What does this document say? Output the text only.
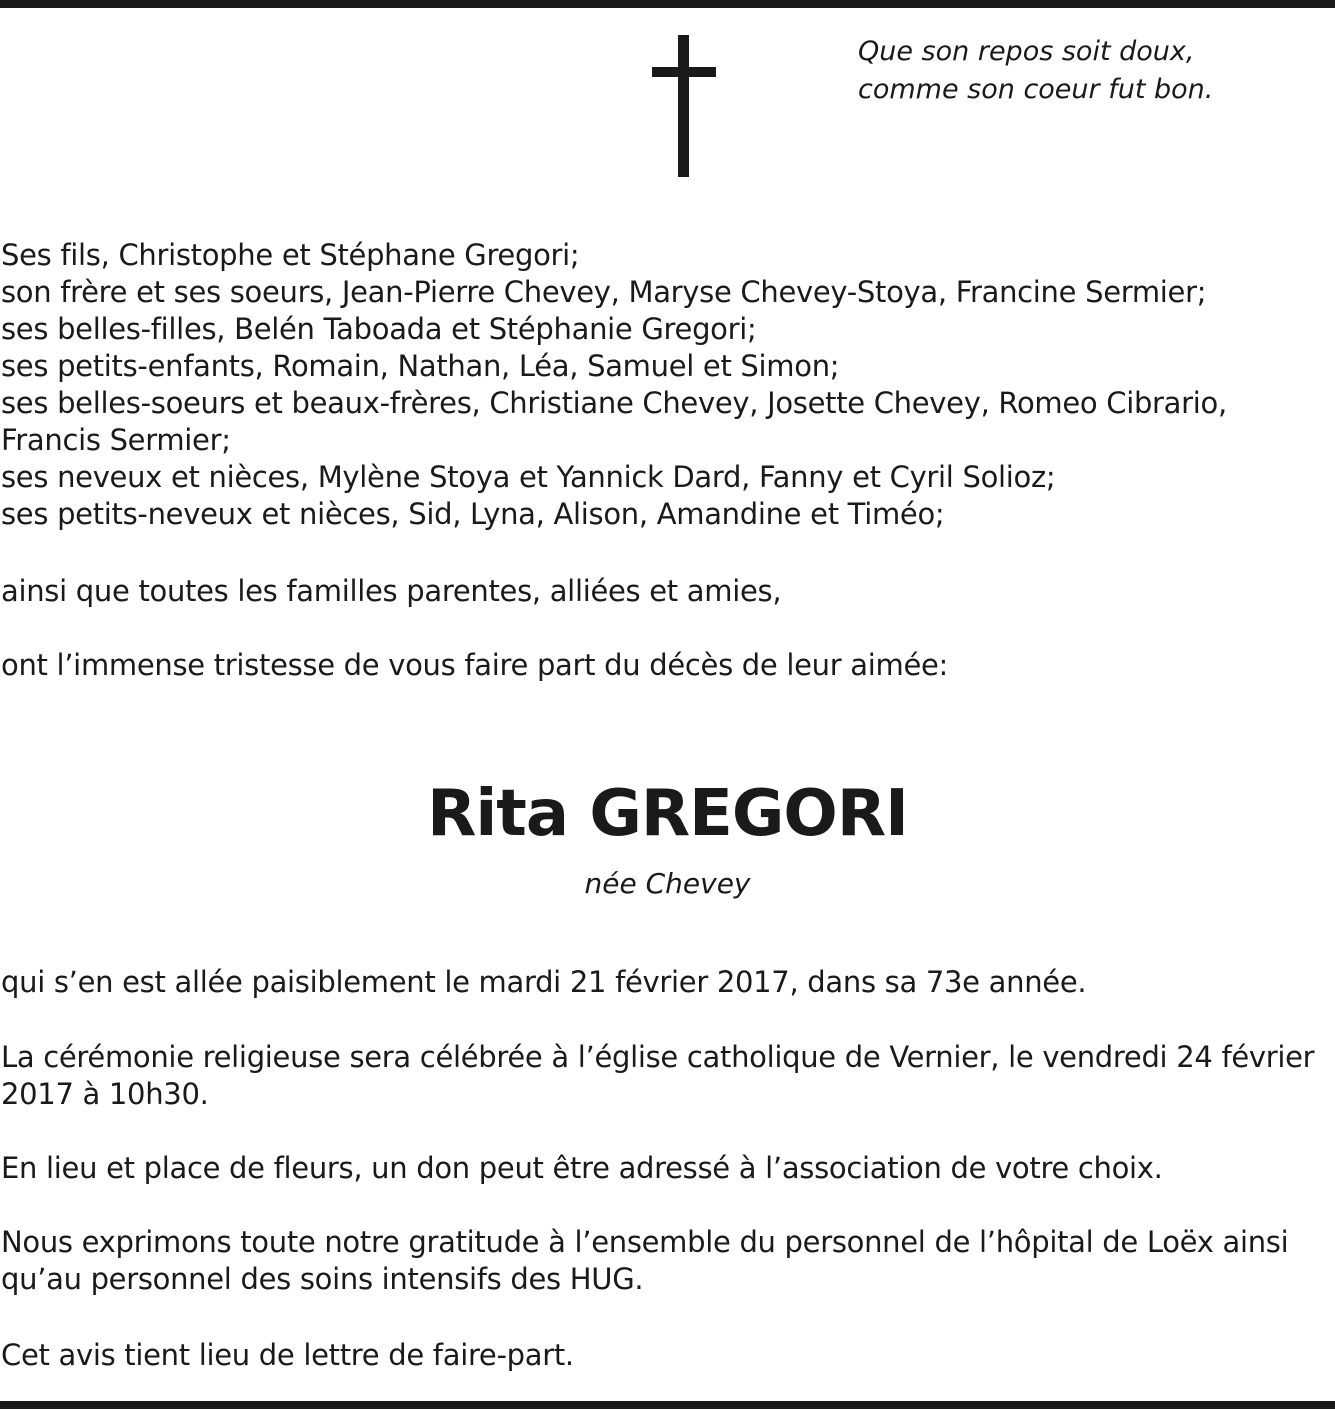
Que son repos soit doux,
comme son coeur fut bon.
Ses fils, Christophe et Stéphane Gregori;
son frère et ses soeurs, Jean-Pierre Chevey, Maryse Chevey-Stoya, Francine Sermier;
ses belles-filles, Belén Taboada et Stéphanie Gregori;
ses petits-enfants, Romain, Nathan, Léa, Samuel et Simon;
ses belles-soeurs et beaux-frères, Christiane Chevey, Josette Chevey, Romeo Cibrario,
Francis Sermier;
ses neveux et nièces, Mylène Stoya et Yannick Dard, Fanny et Cyril Solioz;
ses petits-neveux et nièces, Sid, Lyna, Alison, Amandine et Timéo;
ainsi que toutes les familles parentes, alliées et amies,
ont l’immense tristesse de vous faire part du décès de leur aimée:
Rita GREGORI
née Chevey
qui s’en est allée paisiblement le mardi 21 février 2017, dans sa 73e année.
La cérémonie religieuse sera célébrée à l’église catholique de Vernier, le vendredi 24 février
2017 à 10h30.
En lieu et place de fleurs, un don peut être adressé à l’association de votre choix.
Nous exprimons toute notre gratitude à l’ensemble du personnel de l’hôpital de Loëx ainsi
qu’au personnel des soins intensifs des HUG.
Cet avis tient lieu de lettre de faire-part.
